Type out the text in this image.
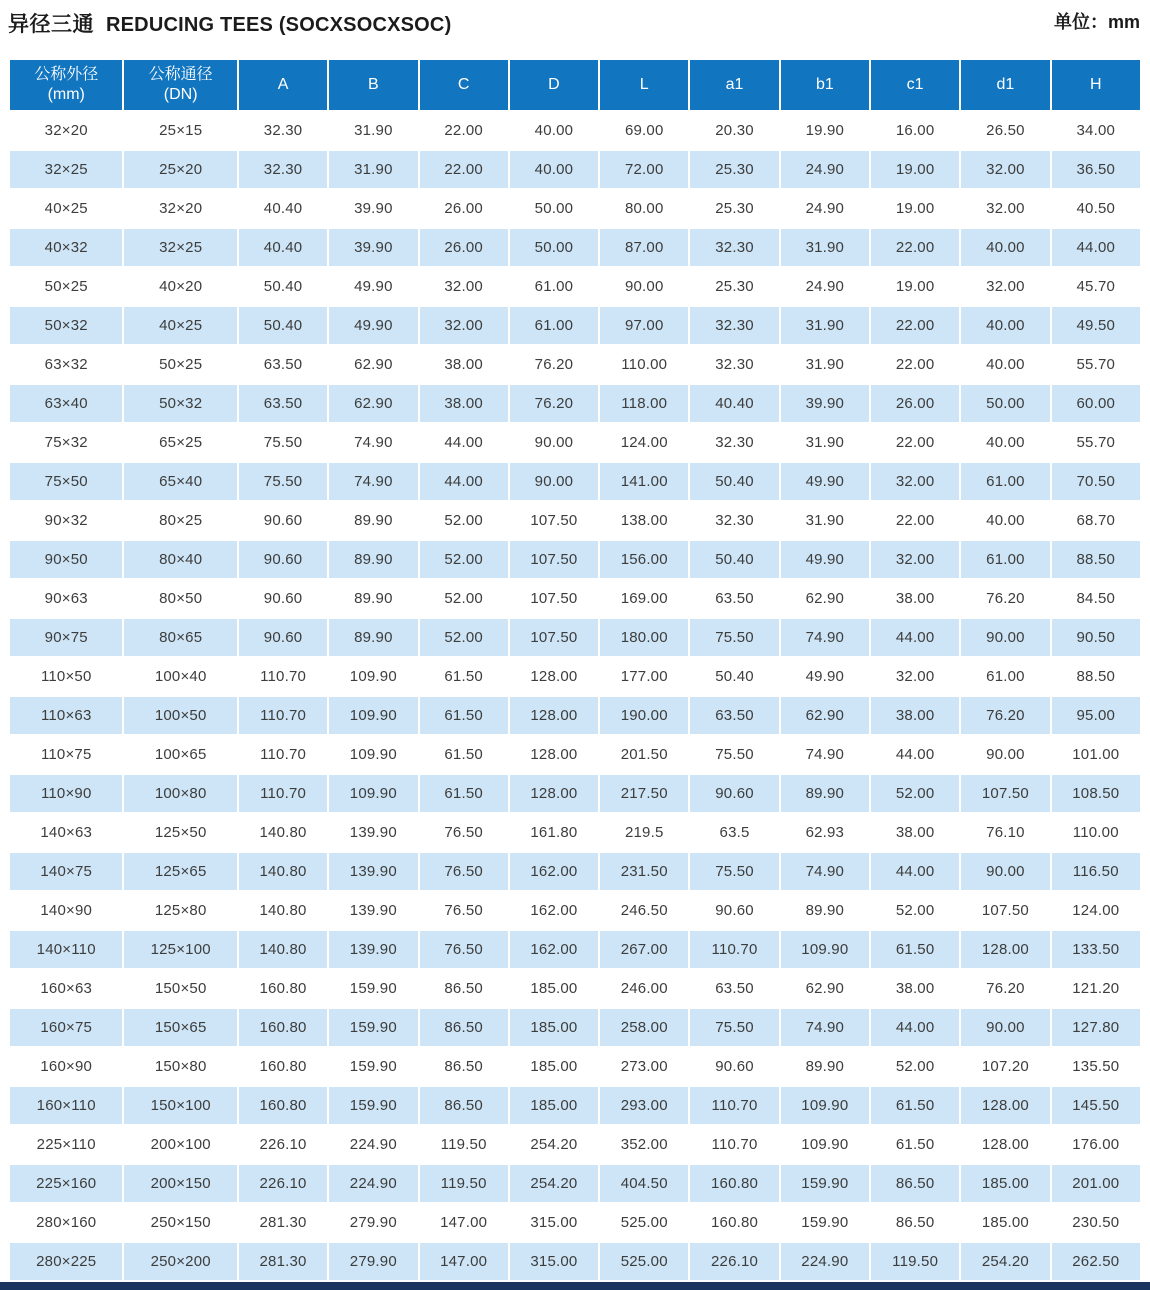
异径三通 REDUCING TEES (SOCXSOCXSOC)	单位：mm
公称外径
(mm)	公称通径
(DN)	A	B	C	D	L	a1	b1	c1	d1	H
32×20	25×15	32.30	31.90	22.00	40.00	69.00	20.30	19.90	16.00	26.50	34.00
32×25	25×20	32.30	31.90	22.00	40.00	72.00	25.30	24.90	19.00	32.00	36.50
40×25	32×20	40.40	39.90	26.00	50.00	80.00	25.30	24.90	19.00	32.00	40.50
40×32	32×25	40.40	39.90	26.00	50.00	87.00	32.30	31.90	22.00	40.00	44.00
50×25	40×20	50.40	49.90	32.00	61.00	90.00	25.30	24.90	19.00	32.00	45.70
50×32	40×25	50.40	49.90	32.00	61.00	97.00	32.30	31.90	22.00	40.00	49.50
63×32	50×25	63.50	62.90	38.00	76.20	110.00	32.30	31.90	22.00	40.00	55.70
63×40	50×32	63.50	62.90	38.00	76.20	118.00	40.40	39.90	26.00	50.00	60.00
75×32	65×25	75.50	74.90	44.00	90.00	124.00	32.30	31.90	22.00	40.00	55.70
75×50	65×40	75.50	74.90	44.00	90.00	141.00	50.40	49.90	32.00	61.00	70.50
90×32	80×25	90.60	89.90	52.00	107.50	138.00	32.30	31.90	22.00	40.00	68.70
90×50	80×40	90.60	89.90	52.00	107.50	156.00	50.40	49.90	32.00	61.00	88.50
90×63	80×50	90.60	89.90	52.00	107.50	169.00	63.50	62.90	38.00	76.20	84.50
90×75	80×65	90.60	89.90	52.00	107.50	180.00	75.50	74.90	44.00	90.00	90.50
110×50	100×40	110.70	109.90	61.50	128.00	177.00	50.40	49.90	32.00	61.00	88.50
110×63	100×50	110.70	109.90	61.50	128.00	190.00	63.50	62.90	38.00	76.20	95.00
110×75	100×65	110.70	109.90	61.50	128.00	201.50	75.50	74.90	44.00	90.00	101.00
110×90	100×80	110.70	109.90	61.50	128.00	217.50	90.60	89.90	52.00	107.50	108.50
140×63	125×50	140.80	139.90	76.50	161.80	219.5	63.5	62.93	38.00	76.10	110.00
140×75	125×65	140.80	139.90	76.50	162.00	231.50	75.50	74.90	44.00	90.00	116.50
140×90	125×80	140.80	139.90	76.50	162.00	246.50	90.60	89.90	52.00	107.50	124.00
140×110	125×100	140.80	139.90	76.50	162.00	267.00	110.70	109.90	61.50	128.00	133.50
160×63	150×50	160.80	159.90	86.50	185.00	246.00	63.50	62.90	38.00	76.20	121.20
160×75	150×65	160.80	159.90	86.50	185.00	258.00	75.50	74.90	44.00	90.00	127.80
160×90	150×80	160.80	159.90	86.50	185.00	273.00	90.60	89.90	52.00	107.20	135.50
160×110	150×100	160.80	159.90	86.50	185.00	293.00	110.70	109.90	61.50	128.00	145.50
225×110	200×100	226.10	224.90	119.50	254.20	352.00	110.70	109.90	61.50	128.00	176.00
225×160	200×150	226.10	224.90	119.50	254.20	404.50	160.80	159.90	86.50	185.00	201.00
280×160	250×150	281.30	279.90	147.00	315.00	525.00	160.80	159.90	86.50	185.00	230.50
280×225	250×200	281.30	279.90	147.00	315.00	525.00	226.10	224.90	119.50	254.20	262.50
